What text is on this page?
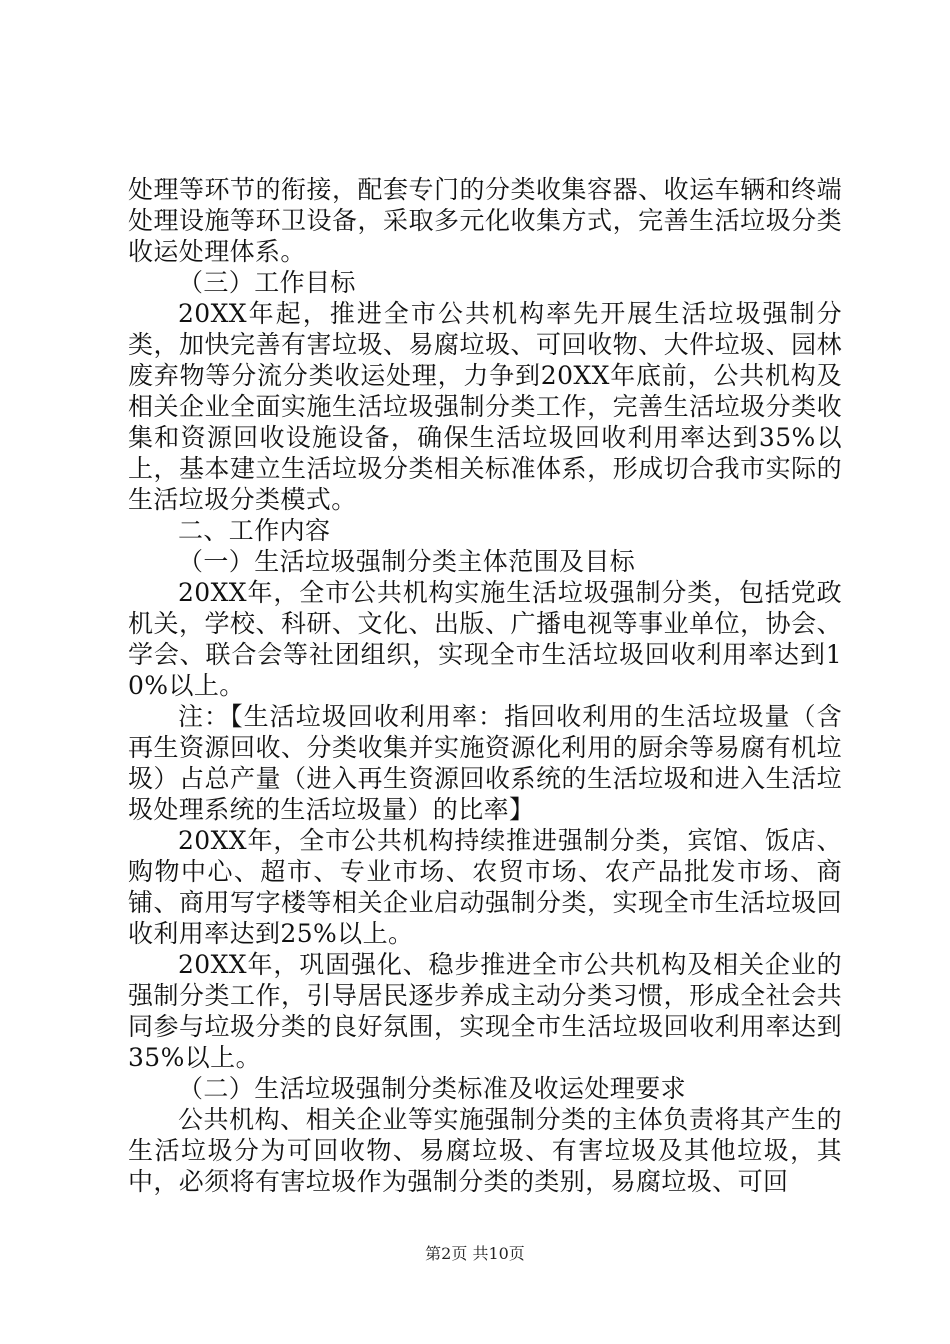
处理等环节的衔接，配套专门的分类收集容器、收运车辆和终端处理设施等环卫设备，采取多元化收集方式，完善生活垃圾分类收运处理体系。

（三）工作目标

20XX年起，推进全市公共机构率先开展生活垃圾强制分类，加快完善有害垃圾、易腐垃圾、可回收物、大件垃圾、园林废弃物等分流分类收运处理，力争到20XX年底前，公共机构及相关企业全面实施生活垃圾强制分类工作，完善生活垃圾分类收集和资源回收设施设备，确保生活垃圾回收利用率达到35%以上，基本建立生活垃圾分类相关标准体系，形成切合我市实际的生活垃圾分类模式。

二、工作内容

（一）生活垃圾强制分类主体范围及目标

20XX年，全市公共机构实施生活垃圾强制分类，包括党政机关，学校、科研、文化、出版、广播电视等事业单位，协会、学会、联合会等社团组织，实现全市生活垃圾回收利用率达到10%以上。

注：【生活垃圾回收利用率：指回收利用的生活垃圾量（含再生资源回收、分类收集并实施资源化利用的厨余等易腐有机垃圾）占总产量（进入再生资源回收系统的生活垃圾和进入生活垃圾处理系统的生活垃圾量）的比率】

20XX年，全市公共机构持续推进强制分类，宾馆、饭店、购物中心、超市、专业市场、农贸市场、农产品批发市场、商铺、商用写字楼等相关企业启动强制分类，实现全市生活垃圾回收利用率达到25%以上。

20XX年，巩固强化、稳步推进全市公共机构及相关企业的强制分类工作，引导居民逐步养成主动分类习惯，形成全社会共同参与垃圾分类的良好氛围，实现全市生活垃圾回收利用率达到35%以上。

（二）生活垃圾强制分类标准及收运处理要求

公共机构、相关企业等实施强制分类的主体负责将其产生的生活垃圾分为可回收物、易腐垃圾、有害垃圾及其他垃圾，其中，必须将有害垃圾作为强制分类的类别，易腐垃圾、可回

第2页 共10页
